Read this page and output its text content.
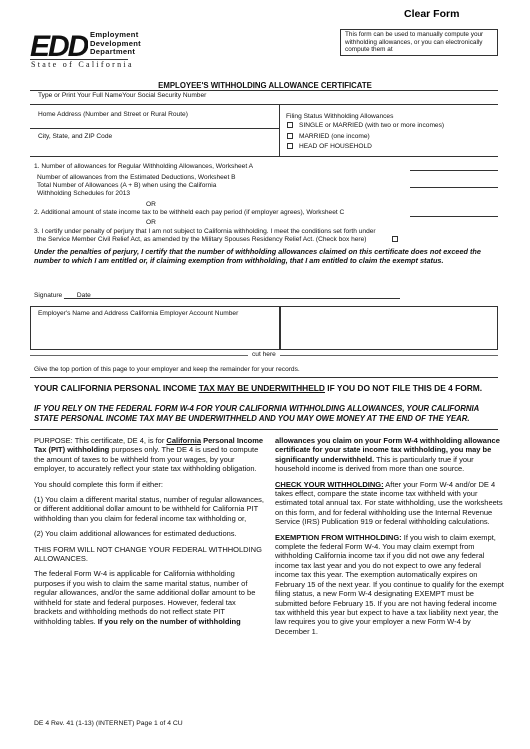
Clear Form
EDD Employment
Development
Department
State of California
This form can be used to manually compute your withholding allowances, or you can electronically compute them at
EMPLOYEE'S WITHHOLDING ALLOWANCE CERTIFICATE
Type or Print Your Full NameYour Social Security Number
Home Address (Number and Street or Rural Route)	Filing Status Withholding Allowances
City, State, and ZIP Code
SINGLE or MARRIED (with two or more incomes)
MARRIED (one income)
HEAD OF HOUSEHOLD
1. Number of allowances for Regular Withholding Allowances, Worksheet A
Number of allowances from the Estimated Deductions, Worksheet B
Total Number of Allowances (A + B) when using the California
Withholding Schedules for 2013
OR
2. Additional amount of state income tax to be withheld each pay period (if employer agrees), Worksheet C
OR
3. I certify under penalty of perjury that I am not subject to California withholding. I meet the conditions set forth under
the Service Member Civil Relief Act, as amended by the Military Spouses Residency Relief Act. (Check box here)
Under the penalties of perjury, I certify that the number of withholding allowances claimed on this certificate does not exceed the number to which I am entitled or, if claiming exemption from withholding, that I am entitled to claim the exempt status.
Signature ___ Date
Employer's Name and Address California Employer Account Number
cut here
Give the top portion of this page to your employer and keep the remainder for your records.
YOUR CALIFORNIA PERSONAL INCOME TAX MAY BE UNDERWITHHELD IF YOU DO NOT FILE THIS DE 4 FORM.
IF YOU RELY ON THE FEDERAL FORM W-4 FOR YOUR CALIFORNIA WITHHOLDING ALLOWANCES, YOUR CALIFORNIA STATE PERSONAL INCOME TAX MAY BE UNDERWITHHELD AND YOU MAY OWE MONEY AT THE END OF THE YEAR.

PURPOSE: This certificate, DE 4, is for California Personal Income Tax (PIT) withholding purposes only. The DE 4 is used to compute the amount of taxes to be withheld from your wages, by your employer, to accurately reflect your state tax withholding obligation.

You should complete this form if either:

(1) You claim a different marital status, number of regular allowances, or different additional dollar amount to be withheld for California PIT withholding than you claim for federal income tax withholding or,

(2) You claim additional allowances for estimated deductions.

THIS FORM WILL NOT CHANGE YOUR FEDERAL WITHHOLDING ALLOWANCES.

The federal Form W-4 is applicable for California withholding purposes if you wish to claim the same marital status, number of regular allowances, and/or the same additional dollar amount to be withheld for state and federal purposes. However, federal tax brackets and withholding methods do not reflect state PIT withholding tables. If you rely on the number of withholding

allowances you claim on your Form W-4 withholding allowance certificate for your state income tax withholding, you may be significantly underwithheld. This is particularly true if your household income is derived from more than one source.

CHECK YOUR WITHHOLDING: After your Form W-4 and/or DE 4 takes effect, compare the state income tax withheld with your estimated total annual tax. For state withholding, use the worksheets on this form, and for federal withholding use the Internal Revenue Service (IRS) Publication 919 or federal withholding calculations.

EXEMPTION FROM WITHHOLDING: If you wish to claim exempt, complete the federal Form W-4. You may claim exempt from withholding California income tax if you did not owe any federal income tax last year and you do not expect to owe any federal income tax this year. The exemption automatically expires on February 15 of the next year. If you continue to qualify for the exempt filing status, a new Form W-4 designating EXEMPT must be submitted before February 15. If you are not having federal income tax withheld this year but expect to have a tax liability next year, the law requires you to give your employer a new Form W-4 by December 1.

DE 4 Rev. 41 (1-13) (INTERNET) Page 1 of 4 CU
